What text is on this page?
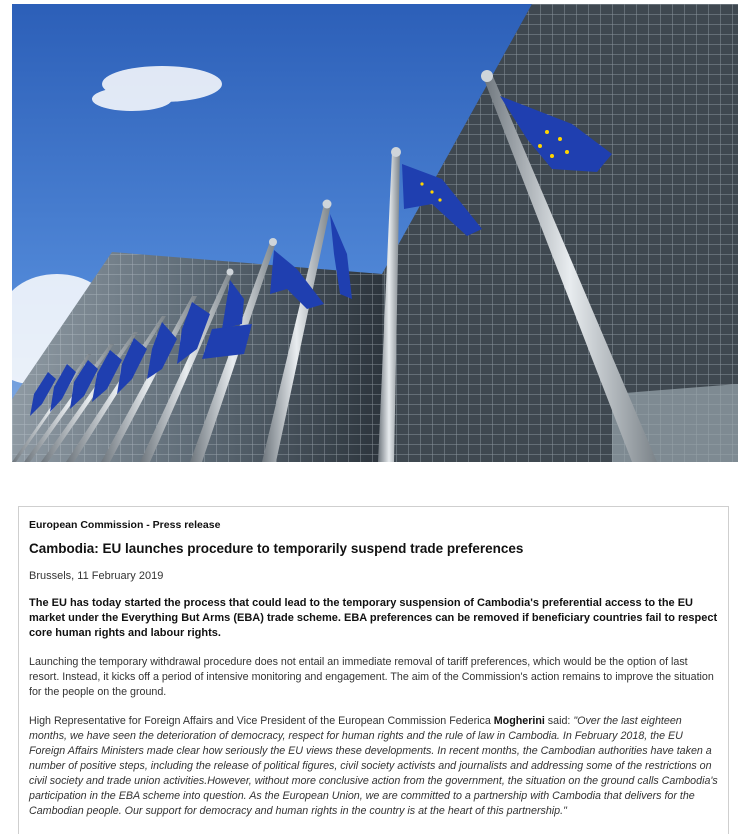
European Commission - Press release
Cambodia: EU launches procedure to temporarily suspend trade preferences
Brussels, 11 February 2019

The EU has today started the process that could lead to the temporary suspension of Cambodia's preferential access to the EU market under the Everything But Arms (EBA) trade scheme. EBA preferences can be removed if beneficiary countries fail to respect core human rights and labour rights.

Launching the temporary withdrawal procedure does not entail an immediate removal of tariff preferences, which would be the option of last resort. Instead, it kicks off a period of intensive monitoring and engagement. The aim of the Commission's action remains to improve the situation for the people on the ground.

High Representative for Foreign Affairs and Vice President of the European Commission Federica Mogherini said: "Over the last eighteen months, we have seen the deterioration of democracy, respect for human rights and the rule of law in Cambodia. In February 2018, the EU Foreign Affairs Ministers made clear how seriously the EU views these developments. In recent months, the Cambodian authorities have taken a number of positive steps, including the release of political figures, civil society activists and journalists and addressing some of the restrictions on civil society and trade union activities.However, without more conclusive action from the government, the situation on the ground calls Cambodia's participation in the EBA scheme into question. As the European Union, we are committed to a partnership with Cambodia that delivers for the Cambodian people. Our support for democracy and human rights in the country is at the heart of this partnership."
